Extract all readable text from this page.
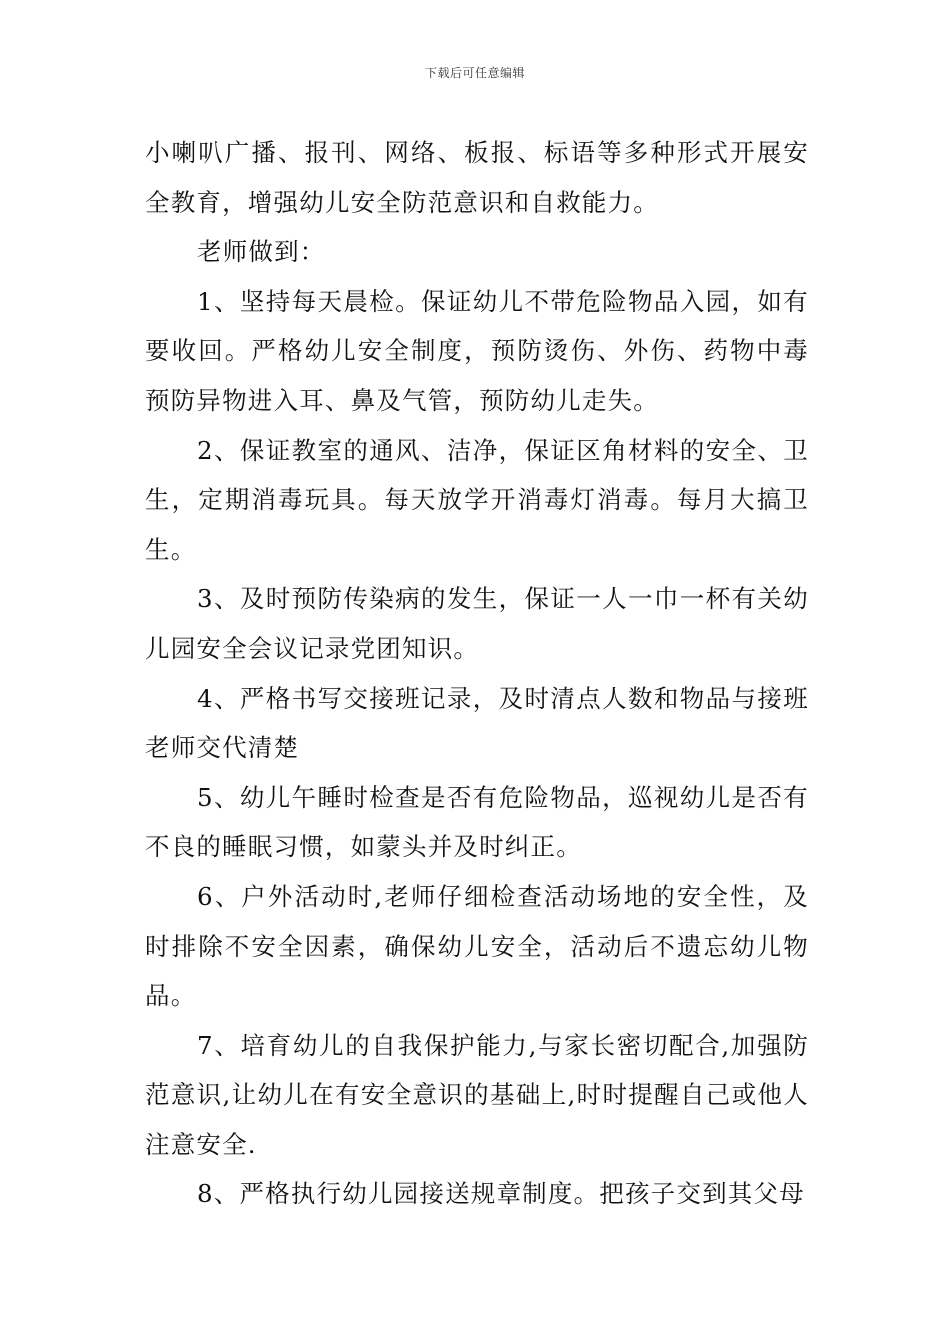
下载后可任意编辑

小喇叭广播、报刊、网络、板报、标语等多种形式开展安全教育，增强幼儿安全防范意识和自救能力。

老师做到：

1、坚持每天晨检。保证幼儿不带危险物品入园，如有要收回。严格幼儿安全制度，预防烫伤、外伤、药物中毒预防异物进入耳、鼻及气管，预防幼儿走失。

2、保证教室的通风、洁净，保证区角材料的安全、卫生，定期消毒玩具。每天放学开消毒灯消毒。每月大搞卫生。

3、及时预防传染病的发生，保证一人一巾一杯有关幼儿园安全会议记录党团知识。

4、严格书写交接班记录，及时清点人数和物品与接班老师交代清楚

5、幼儿午睡时检查是否有危险物品，巡视幼儿是否有不良的睡眠习惯，如蒙头并及时纠正。

6、户外活动时,老师仔细检查活动场地的安全性，及时排除不安全因素，确保幼儿安全，活动后不遗忘幼儿物品。

7、培育幼儿的自我保护能力,与家长密切配合,加强防范意识,让幼儿在有安全意识的基础上,时时提醒自己或他人注意安全.

8、严格执行幼儿园接送规章制度。把孩子交到其父母
